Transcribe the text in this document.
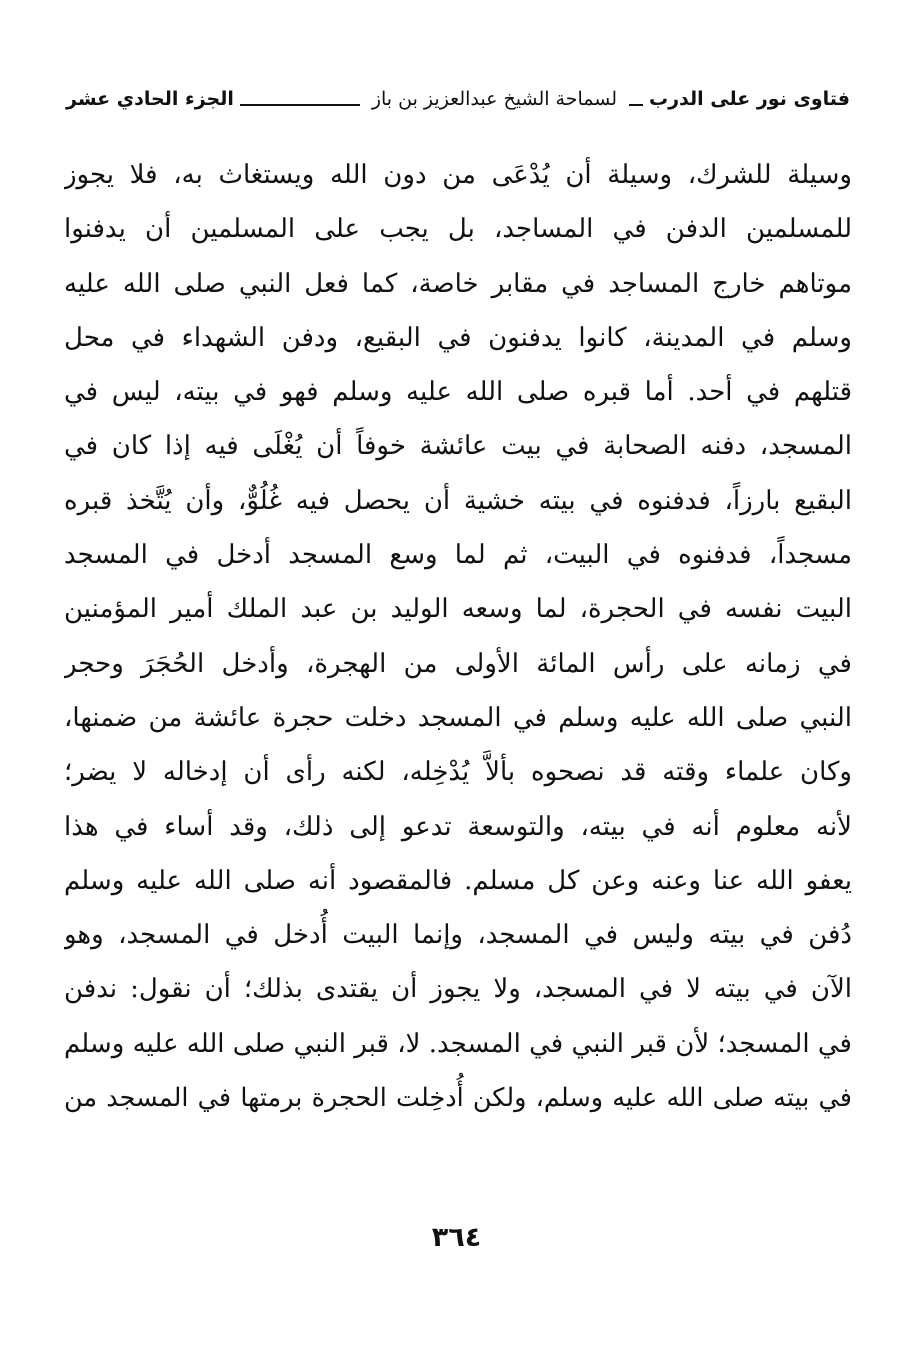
فتاوى نور على الدرب
لسماحة الشيخ عبدالعزيز بن باز
الجزء الحادي عشر
وسيلة للشرك، وسيلة أن يُدْعَى من دون الله ويستغاث به، فلا يجوز
للمسلمين الدفن في المساجد، بل يجب على المسلمين أن يدفنوا
موتاهم خارج المساجد في مقابر خاصة، كما فعل النبي صلى الله عليه
وسلم في المدينة، كانوا يدفنون في البقيع، ودفن الشهداء في محل
قتلهم في أحد. أما قبره صلى الله عليه وسلم فهو في بيته، ليس في
المسجد، دفنه الصحابة في بيت عائشة خوفاً أن يُغْلَى فيه إذا كان في
البقيع بارزاً، فدفنوه في بيته خشية أن يحصل فيه غُلُوٌّ، وأن يُتَّخذ قبره
مسجداً، فدفنوه في البيت، ثم لما وسع المسجد أدخل في المسجد
البيت نفسه في الحجرة، لما وسعه الوليد بن عبد الملك أمير المؤمنين
في زمانه على رأس المائة الأولى من الهجرة، وأدخل الحُجَرَ وحجر
النبي صلى الله عليه وسلم في المسجد دخلت حجرة عائشة من ضمنها،
وكان علماء وقته قد نصحوه بألاَّ يُدْخِله، لكنه رأى أن إدخاله لا يضر؛
لأنه معلوم أنه في بيته، والتوسعة تدعو إلى ذلك، وقد أساء في هذا
يعفو الله عنا وعنه وعن كل مسلم. فالمقصود أنه صلى الله عليه وسلم
دُفن في بيته وليس في المسجد، وإنما البيت أُدخل في المسجد، وهو
الآن في بيته لا في المسجد، ولا يجوز أن يقتدى بذلك؛ أن نقول: ندفن
في المسجد؛ لأن قبر النبي في المسجد. لا، قبر النبي صلى الله عليه وسلم
في بيته صلى الله عليه وسلم، ولكن أُدخِلت الحجرة برمتها في المسجد من
٣٦٤
